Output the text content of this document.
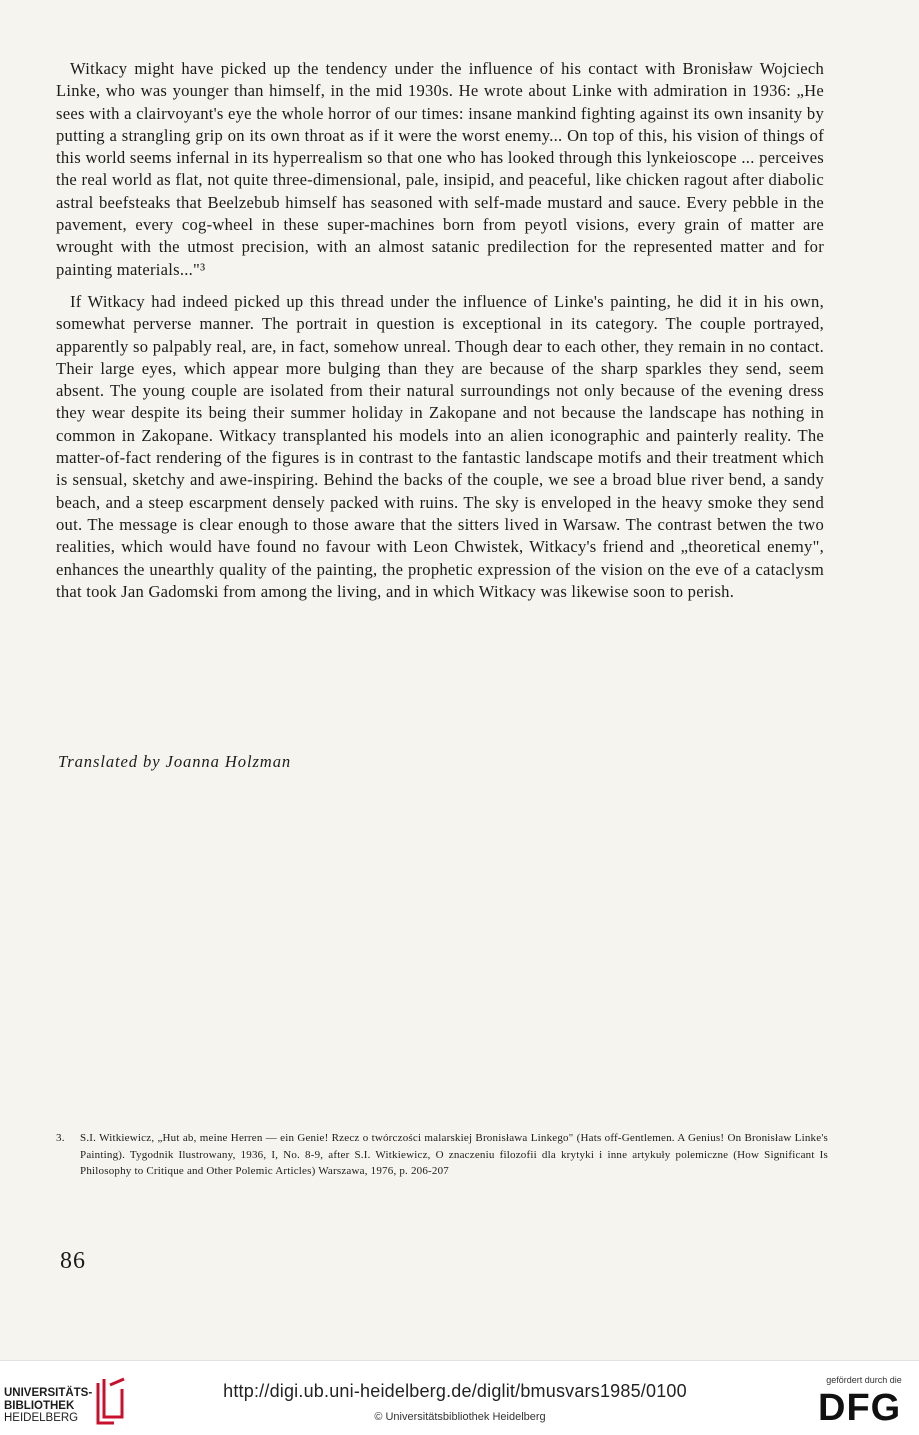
Witkacy might have picked up the tendency under the influence of his contact with Bronisław Wojciech Linke, who was younger than himself, in the mid 1930s. He wrote about Linke with admiration in 1936: „He sees with a clairvoyant's eye the whole horror of our times: insane mankind fighting against its own insanity by putting a strangling grip on its own throat as if it were the worst enemy... On top of this, his vision of things of this world seems infernal in its hyperrealism so that one who has looked through this lynkeioscope ... perceives the real world as flat, not quite three-dimensional, pale, insipid, and peaceful, like chicken ragout after diabolic astral beefsteaks that Beelzebub himself has seasoned with self-made mustard and sauce. Every pebble in the pavement, every cog-wheel in these super-machines born from peyotl visions, every grain of matter are wrought with the utmost precision, with an almost satanic predilection for the represented matter and for painting materials..."³

If Witkacy had indeed picked up this thread under the influence of Linke's painting, he did it in his own, somewhat perverse manner. The portrait in question is exceptional in its category. The couple portrayed, apparently so palpably real, are, in fact, somehow unreal. Though dear to each other, they remain in no contact. Their large eyes, which appear more bulging than they are because of the sharp sparkles they send, seem absent. The young couple are isolated from their natural surroundings not only because of the evening dress they wear despite its being their summer holiday in Zakopane and not because the landscape has nothing in common in Zakopane. Witkacy transplanted his models into an alien iconographic and painterly reality. The matter-of-fact rendering of the figures is in contrast to the fantastic landscape motifs and their treatment which is sensual, sketchy and awe-inspiring. Behind the backs of the couple, we see a broad blue river bend, a sandy beach, and a steep escarpment densely packed with ruins. The sky is enveloped in the heavy smoke they send out. The message is clear enough to those aware that the sitters lived in Warsaw. The contrast betwen the two realities, which would have found no favour with Leon Chwistek, Witkacy's friend and „theoretical enemy", enhances the unearthly quality of the painting, the prophetic expression of the vision on the eve of a cataclysm that took Jan Gadomski from among the living, and in which Witkacy was likewise soon to perish.

Translated by Joanna Holzman
3.	S.I. Witkiewicz, „Hut ab, meine Herren — ein Genie! Rzecz o twórczości malarskiej Bronisława Linkego" (Hats off-Gentlemen. A Genius! On Bronisław Linke's Painting). Tygodnik Ilustrowany, 1936, I, No. 8-9, after S.I. Witkiewicz, O znaczeniu filozofii dla krytyki i inne artykuły polemiczne (How Significant Is Philosophy to Critique and Other Polemic Articles) Warszawa, 1976, p. 206-207
86
UNIVERSITÄTS-
BIBLIOTHEK
HEIDELBERG
http://digi.ub.uni-heidelberg.de/diglit/bmusvars1985/0100
© Universitätsbibliothek Heidelberg
gefördert durch die
DFG
